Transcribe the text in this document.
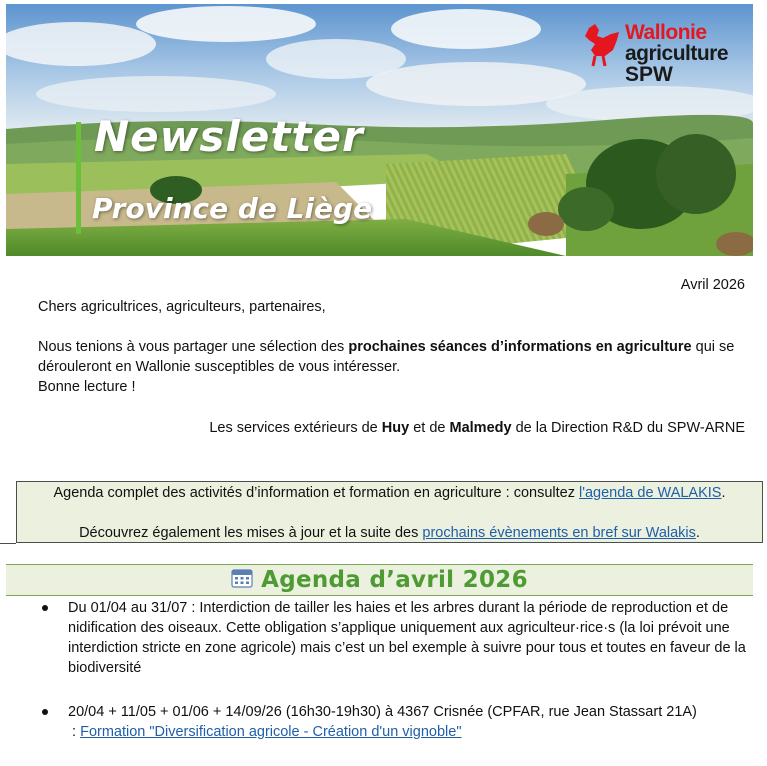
Newsletter
Province de Liège
Wallonie
agriculture
SPW
Avril 2026

Chers agricultrices, agriculteurs, partenaires,

Nous tenions à vous partager une sélection des prochaines séances d’informations en agriculture qui se dérouleront en Wallonie susceptibles de vous intéresser.

Bonne lecture !

Les services extérieurs de Huy et de Malmedy de la Direction R&D du SPW-ARNE
Agenda complet des activités d’information et formation en agriculture : consultez l'agenda de WALAKIS.
Découvrez également les mises à jour et la suite des prochains évènements en bref sur Walakis.
Agenda d’avril 2026

Du 01/04 au 31/07 : Interdiction de tailler les haies et les arbres durant la période de reproduction et de nidification des oiseaux. Cette obligation s’applique uniquement aux agriculteur·rice·s (la loi prévoit une interdiction stricte en zone agricole) mais c’est un bel exemple à suivre pour tous et toutes en faveur de la biodiversité

20/04 + 11/05 + 01/06 + 14/09/26 (16h30-19h30) à 4367 Crisnée (CPFAR, rue Jean Stassart 21A)

: Formation "Diversification agricole - Création d'un vignoble"
